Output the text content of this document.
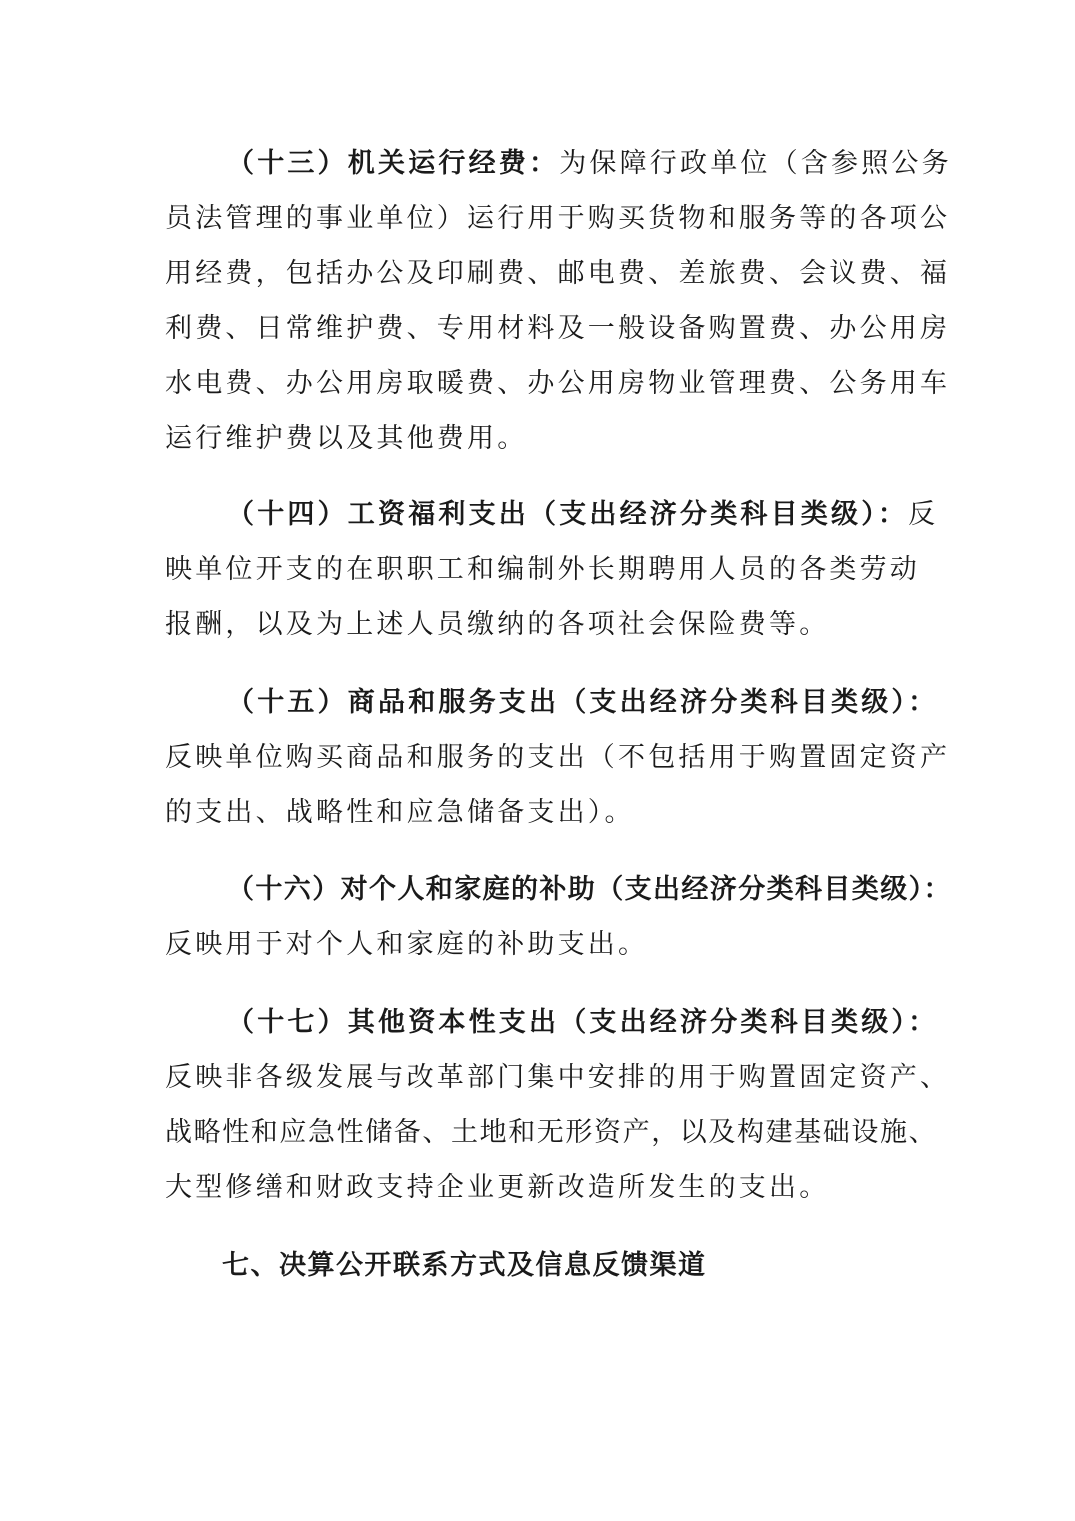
（十三）机关运行经费：为保障行政单位（含参照公务
员法管理的事业单位）运行用于购买货物和服务等的各项公
用经费，包括办公及印刷费、邮电费、差旅费、会议费、福
利费、日常维护费、专用材料及一般设备购置费、办公用房
水电费、办公用房取暖费、办公用房物业管理费、公务用车
运行维护费以及其他费用。
（十四）工资福利支出（支出经济分类科目类级）：反
映单位开支的在职职工和编制外长期聘用人员的各类劳动
报酬，以及为上述人员缴纳的各项社会保险费等。
（十五）商品和服务支出（支出经济分类科目类级）：
反映单位购买商品和服务的支出（不包括用于购置固定资产
的支出、战略性和应急储备支出）。
（十六）对个人和家庭的补助（支出经济分类科目类级）：
反映用于对个人和家庭的补助支出。
（十七）其他资本性支出（支出经济分类科目类级）：
反映非各级发展与改革部门集中安排的用于购置固定资产、
战略性和应急性储备、土地和无形资产，以及构建基础设施、
大型修缮和财政支持企业更新改造所发生的支出。
七、决算公开联系方式及信息反馈渠道
